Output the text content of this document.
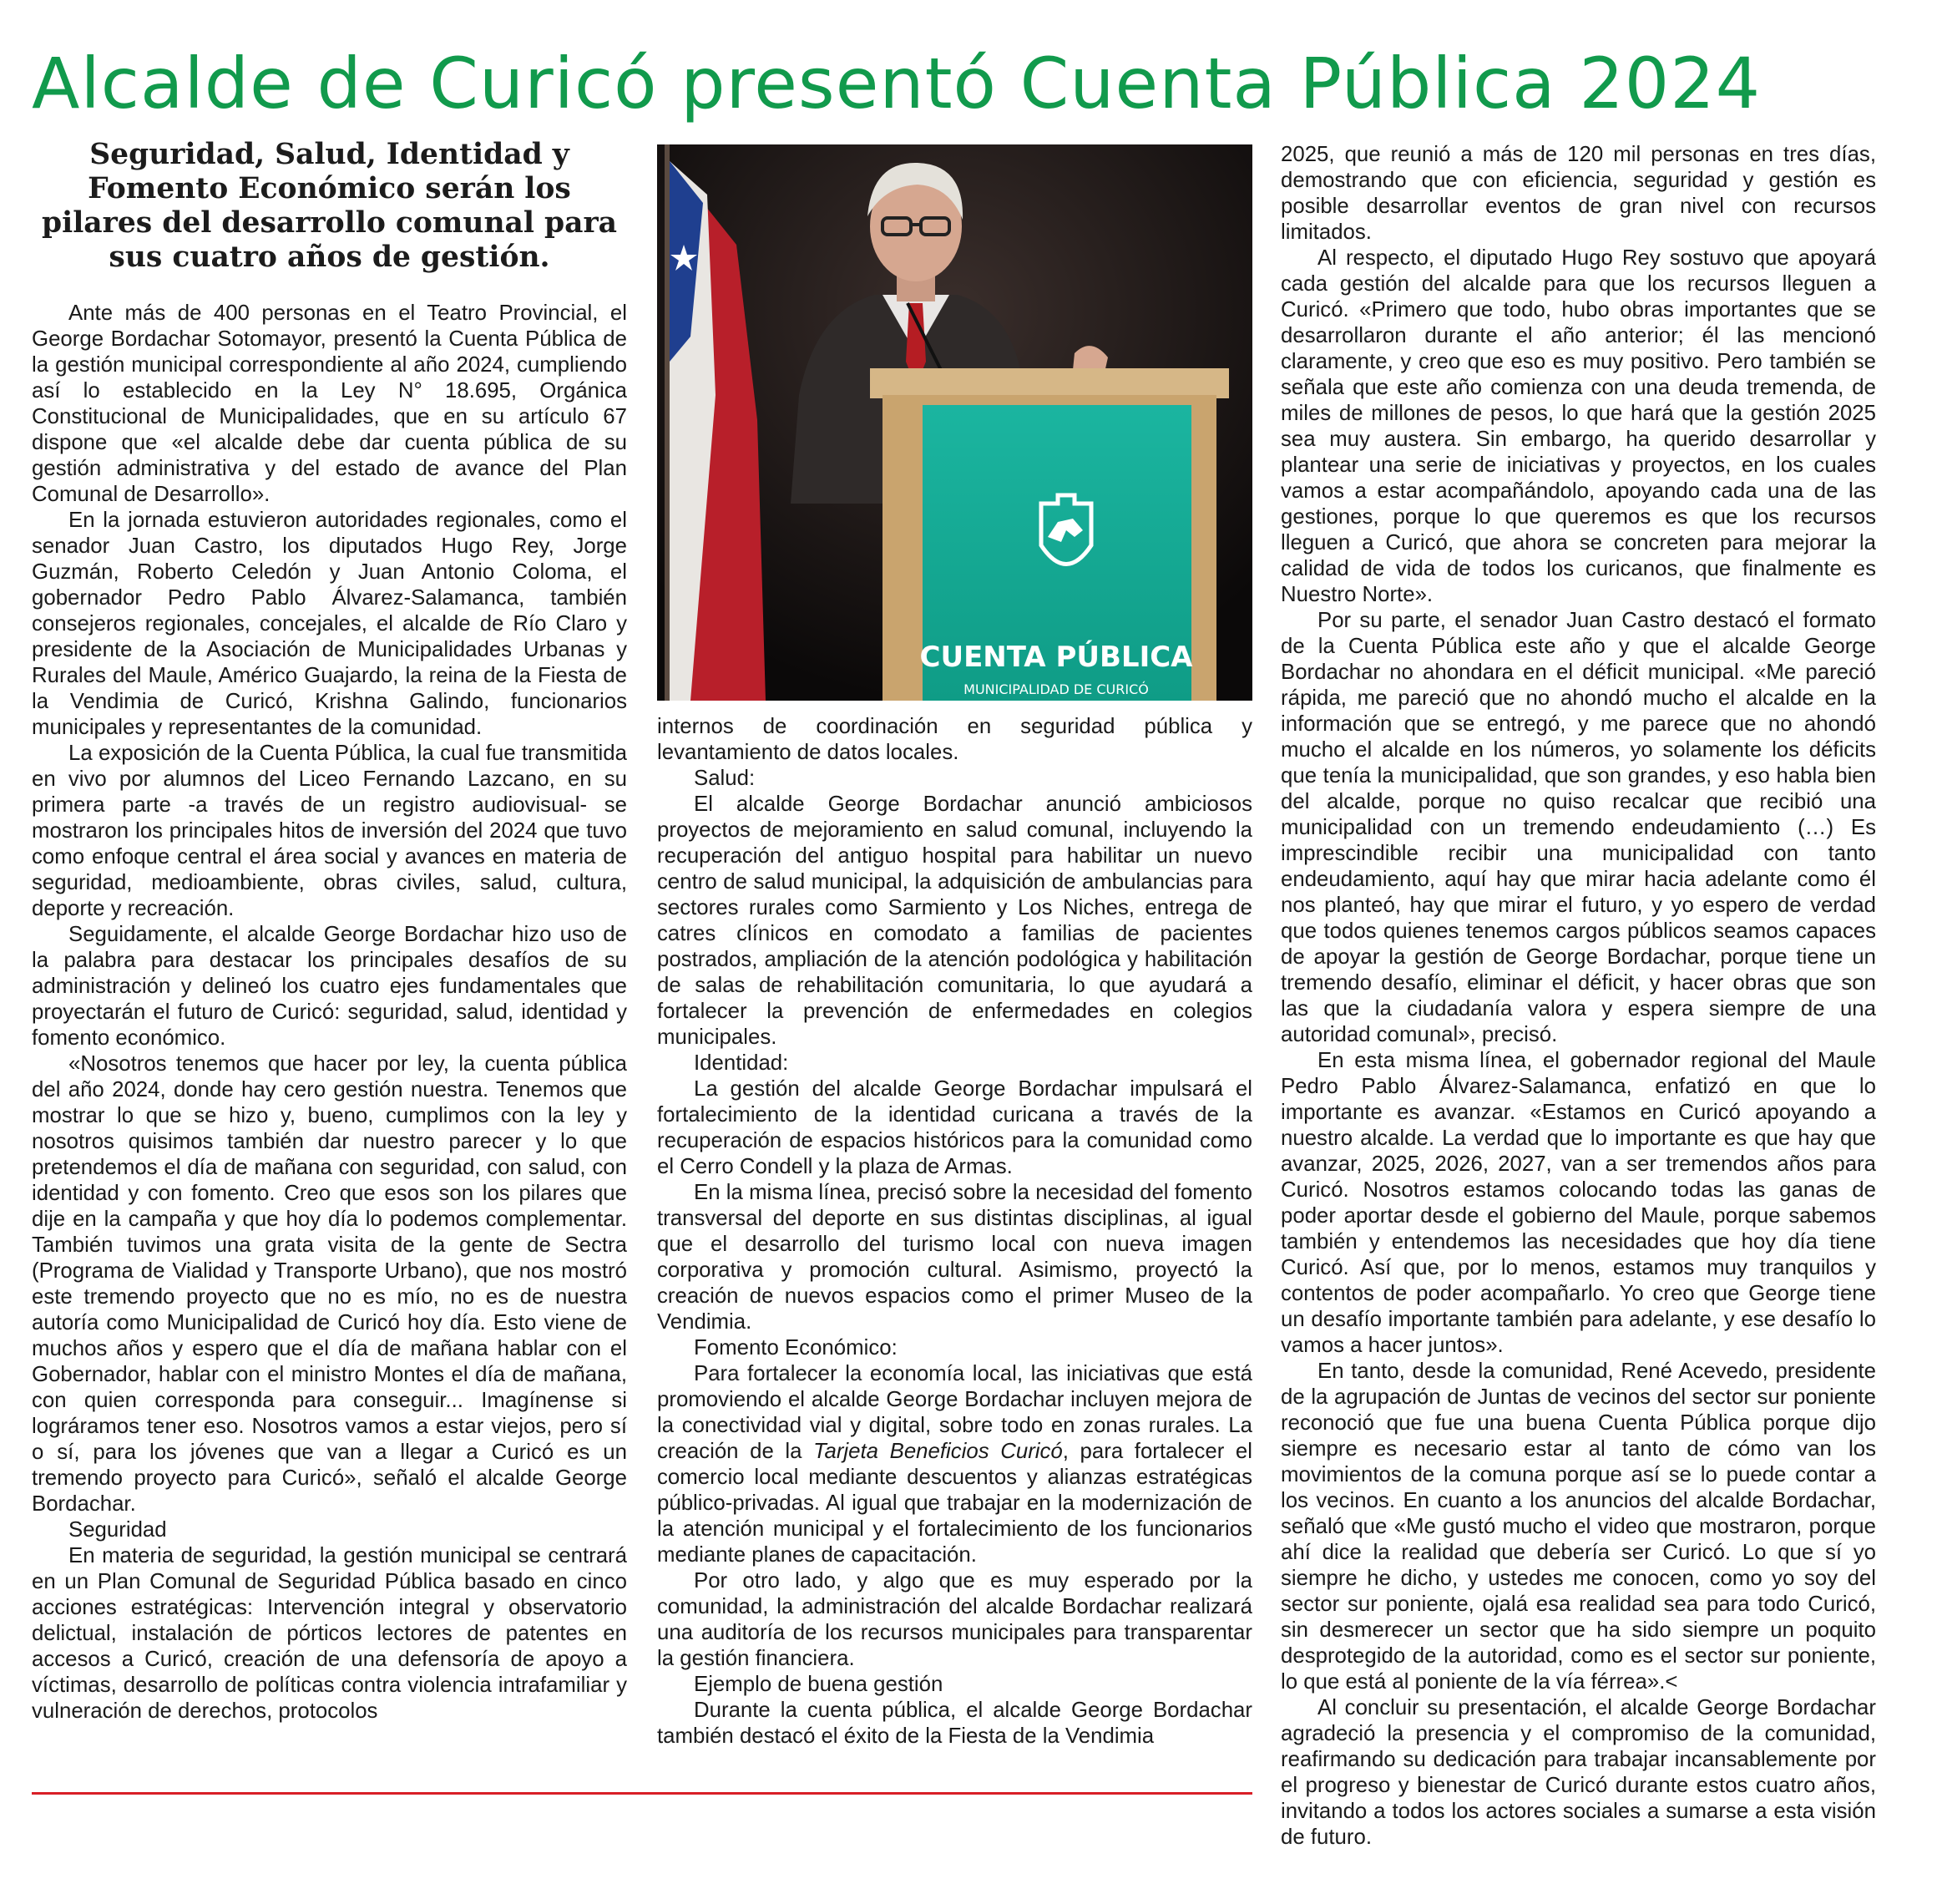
Alcalde de Curicó presentó Cuenta Pública 2024
Seguridad, Salud, Identidad y Fomento Económico serán los pilares del desarrollo comunal para sus cuatro años de gestión.
CUENTA PÚBLICA
MUNICIPALIDAD DE CURICÓ

Ante más de 400 personas en el Teatro Provincial, el George Bordachar Sotomayor, presentó la Cuenta Pública de la gestión municipal correspondiente al año 2024, cumpliendo así lo establecido en la Ley N° 18.695, Orgánica Constitucional de Municipalidades, que en su artículo 67 dispone que «el alcalde debe dar cuenta pública de su gestión administrativa y del estado de avance del Plan Comunal de Desarrollo».

En la jornada estuvieron autoridades regionales, como el senador Juan Castro, los diputados Hugo Rey, Jorge Guzmán, Roberto Celedón y Juan Antonio Coloma, el gobernador Pedro Pablo Álvarez-Salamanca, también consejeros regionales, concejales, el alcalde de Río Claro y presidente de la Asociación de Municipalidades Urbanas y Rurales del Maule, Américo Guajardo, la reina de la Fiesta de la Vendimia de Curicó, Krishna Galindo, funcionarios municipales y representantes de la comunidad.

La exposición de la Cuenta Pública, la cual fue transmitida en vivo por alumnos del Liceo Fernando Lazcano, en su primera parte -a través de un registro audiovisual- se mostraron los principales hitos de inversión del 2024 que tuvo como enfoque central el área social y avances en materia de seguridad, medioambiente, obras civiles, salud, cultura, deporte y recreación.

Seguidamente, el alcalde George Bordachar hizo uso de la palabra para destacar los principales desafíos de su administración y delineó los cuatro ejes fundamentales que proyectarán el futuro de Curicó: seguridad, salud, identidad y fomento económico.

«Nosotros tenemos que hacer por ley, la cuenta pública del año 2024, donde hay cero gestión nuestra. Tenemos que mostrar lo que se hizo y, bueno, cumplimos con la ley y nosotros quisimos también dar nuestro parecer y lo que pretendemos el día de mañana con seguridad, con salud, con identidad y con fomento. Creo que esos son los pilares que dije en la campaña y que hoy día lo podemos complementar. También tuvimos una grata visita de la gente de Sectra (Programa de Vialidad y Transporte Urbano), que nos mostró este tremendo proyecto que no es mío, no es de nuestra autoría como Municipalidad de Curicó hoy día. Esto viene de muchos años y espero que el día de mañana hablar con el Gobernador, hablar con el ministro Montes el día de mañana, con quien corresponda para conseguir... Imagínense si lográramos tener eso. Nosotros vamos a estar viejos, pero sí o sí, para los jóvenes que van a llegar a Curicó es un tremendo proyecto para Curicó», señaló el alcalde George Bordachar.

Seguridad

En materia de seguridad, la gestión municipal se centrará en un Plan Comunal de Seguridad Pública basado en cinco acciones estratégicas: Intervención integral y observatorio delictual, instalación de pórticos lectores de patentes en accesos a Curicó, creación de una defensoría de apoyo a víctimas, desarrollo de políticas contra violencia intrafamiliar y vulneración de derechos, protocolos

internos de coordinación en seguridad pública y levantamiento de datos locales.

Salud:

El alcalde George Bordachar anunció ambiciosos proyectos de mejoramiento en salud comunal, incluyendo la recuperación del antiguo hospital para habilitar un nuevo centro de salud municipal, la adquisición de ambulancias para sectores rurales como Sarmiento y Los Niches, entrega de catres clínicos en comodato a familias de pacientes postrados, ampliación de la atención podológica y habilitación de salas de rehabilitación comunitaria, lo que ayudará a fortalecer la prevención de enfermedades en colegios municipales.

Identidad:

La gestión del alcalde George Bordachar impulsará el fortalecimiento de la identidad curicana a través de la recuperación de espacios históricos para la comunidad como el Cerro Condell y la plaza de Armas.

En la misma línea, precisó sobre la necesidad del fomento transversal del deporte en sus distintas disciplinas, al igual que el desarrollo del turismo local con nueva imagen corporativa y promoción cultural. Asimismo, proyectó la creación de nuevos espacios como el primer Museo de la Vendimia.

Fomento Económico:

Para fortalecer la economía local, las iniciativas que está promoviendo el alcalde George Bordachar incluyen mejora de la conectividad vial y digital, sobre todo en zonas rurales. La creación de la Tarjeta Beneficios Curicó, para fortalecer el comercio local mediante descuentos y alianzas estratégicas público-privadas. Al igual que trabajar en la modernización de la atención municipal y el fortalecimiento de los funcionarios mediante planes de capacitación.

Por otro lado, y algo que es muy esperado por la comunidad, la administración del alcalde Bordachar realizará una auditoría de los recursos municipales para transparentar la gestión financiera.

Ejemplo de buena gestión

Durante la cuenta pública, el alcalde George Bordachar también destacó el éxito de la Fiesta de la Vendimia

2025, que reunió a más de 120 mil personas en tres días, demostrando que con eficiencia, seguridad y gestión es posible desarrollar eventos de gran nivel con recursos limitados.

Al respecto, el diputado Hugo Rey sostuvo que apoyará cada gestión del alcalde para que los recursos lleguen a Curicó. «Primero que todo, hubo obras importantes que se desarrollaron durante el año anterior; él las mencionó claramente, y creo que eso es muy positivo. Pero también se señala que este año comienza con una deuda tremenda, de miles de millones de pesos, lo que hará que la gestión 2025 sea muy austera. Sin embargo, ha querido desarrollar y plantear una serie de iniciativas y proyectos, en los cuales vamos a estar acompañándolo, apoyando cada una de las gestiones, porque lo que queremos es que los recursos lleguen a Curicó, que ahora se concreten para mejorar la calidad de vida de todos los curicanos, que finalmente es Nuestro Norte».

Por su parte, el senador Juan Castro destacó el formato de la Cuenta Pública este año y que el alcalde George Bordachar no ahondara en el déficit municipal. «Me pareció rápida, me pareció que no ahondó mucho el alcalde en la información que se entregó, y me parece que no ahondó mucho el alcalde en los números, yo solamente los déficits que tenía la municipalidad, que son grandes, y eso habla bien del alcalde, porque no quiso recalcar que recibió una municipalidad con un tremendo endeudamiento (…) Es imprescindible recibir una municipalidad con tanto endeudamiento, aquí hay que mirar hacia adelante como él nos planteó, hay que mirar el futuro, y yo espero de verdad que todos quienes tenemos cargos públicos seamos capaces de apoyar la gestión de George Bordachar, porque tiene un tremendo desafío, eliminar el déficit, y hacer obras que son las que la ciudadanía valora y espera siempre de una autoridad comunal», precisó.

En esta misma línea, el gobernador regional del Maule Pedro Pablo Álvarez-Salamanca, enfatizó en que lo importante es avanzar. «Estamos en Curicó apoyando a nuestro alcalde. La verdad que lo importante es que hay que avanzar, 2025, 2026, 2027, van a ser tremendos años para Curicó. Nosotros estamos colocando todas las ganas de poder aportar desde el gobierno del Maule, porque sabemos también y entendemos las necesidades que hoy día tiene Curicó. Así que, por lo menos, estamos muy tranquilos y contentos de poder acompañarlo. Yo creo que George tiene un desafío importante también para adelante, y ese desafío lo vamos a hacer juntos».

En tanto, desde la comunidad, René Acevedo, presidente de la agrupación de Juntas de vecinos del sector sur poniente reconoció que fue una buena Cuenta Pública porque dijo siempre es necesario estar al tanto de cómo van los movimientos de la comuna porque así se lo puede contar a los vecinos. En cuanto a los anuncios del alcalde Bordachar, señaló que «Me gustó mucho el video que mostraron, porque ahí dice la realidad que debería ser Curicó. Lo que sí yo siempre he dicho, y ustedes me conocen, como yo soy del sector sur poniente, ojalá esa realidad sea para todo Curicó, sin desmerecer un sector que ha sido siempre un poquito desprotegido de la autoridad, como es el sector sur poniente, lo que está al poniente de la vía férrea».<

Al concluir su presentación, el alcalde George Bordachar agradeció la presencia y el compromiso de la comunidad, reafirmando su dedicación para trabajar incansablemente por el progreso y bienestar de Curicó durante estos cuatro años, invitando a todos los actores sociales a sumarse a esta visión de futuro.
